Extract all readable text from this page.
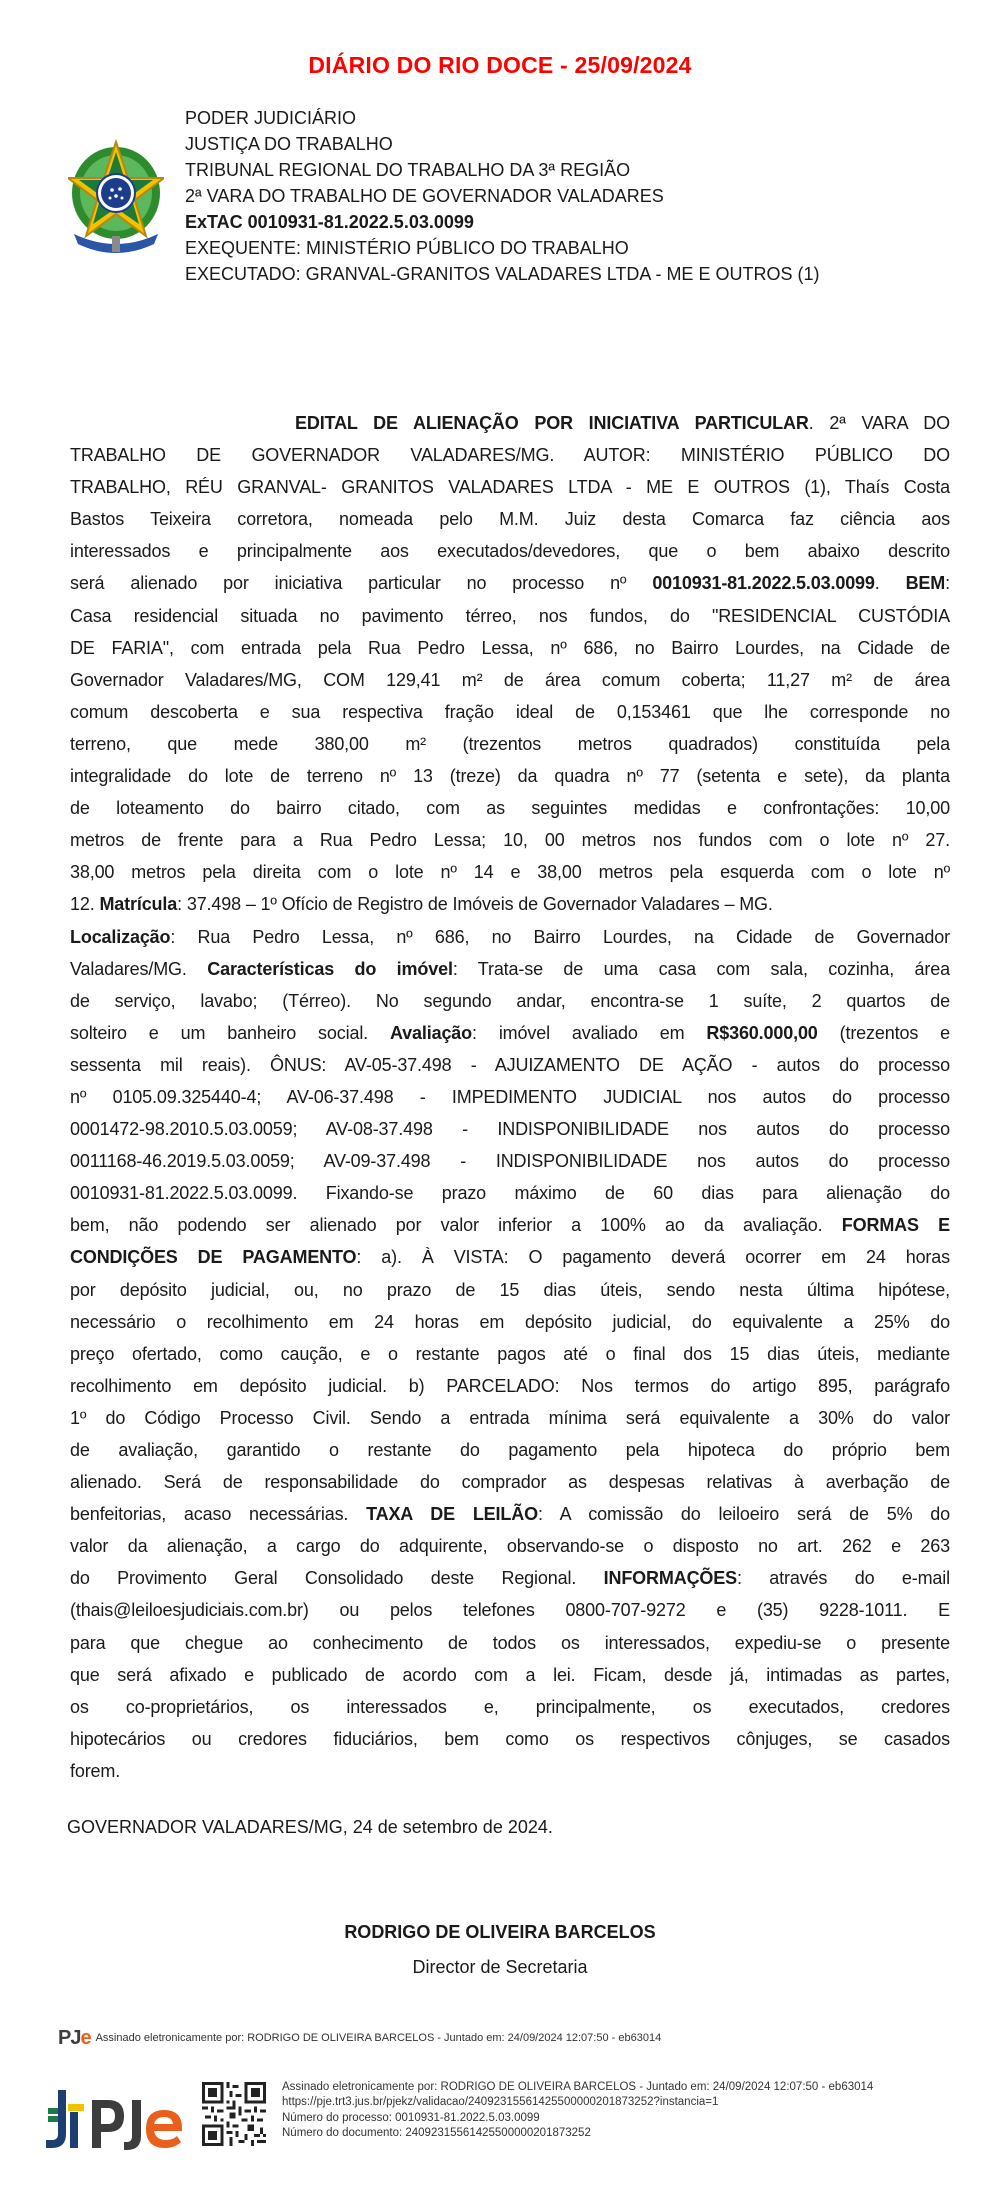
DIÁRIO DO RIO DOCE - 25/09/2024
PODER JUDICIÁRIO
JUSTIÇA DO TRABALHO
TRIBUNAL REGIONAL DO TRABALHO DA 3ª REGIÃO
2ª VARA DO TRABALHO DE GOVERNADOR VALADARES
ExTAC 0010931-81.2022.5.03.0099
EXEQUENTE: MINISTÉRIO PÚBLICO DO TRABALHO
EXECUTADO: GRANVAL-GRANITOS VALADARES LTDA - ME E OUTROS (1)
EDITAL DE ALIENAÇÃO POR INICIATIVA PARTICULAR. 2ª VARA DO
TRABALHO DE GOVERNADOR VALADARES/MG. AUTOR: MINISTÉRIO PÚBLICO DO
TRABALHO, RÉU GRANVAL- GRANITOS VALADARES LTDA - ME E OUTROS (1), Thaís Costa
Bastos Teixeira corretora, nomeada pelo M.M. Juiz desta Comarca faz ciência aos
interessados e principalmente aos executados/devedores, que o bem abaixo descrito
será alienado por iniciativa particular no processo nº 0010931-81.2022.5.03.0099. BEM:
Casa residencial situada no pavimento térreo, nos fundos, do "RESIDENCIAL CUSTÓDIA
DE FARIA", com entrada pela Rua Pedro Lessa, nº 686, no Bairro Lourdes, na Cidade de
Governador Valadares/MG, COM 129,41 m² de área comum coberta; 11,27 m² de área
comum descoberta e sua respectiva fração ideal de 0,153461 que lhe corresponde no
terreno, que mede 380,00 m² (trezentos metros quadrados) constituída pela
integralidade do lote de terreno nº 13 (treze) da quadra nº 77 (setenta e sete), da planta
de loteamento do bairro citado, com as seguintes medidas e confrontações: 10,00
metros de frente para a Rua Pedro Lessa; 10, 00 metros nos fundos com o lote nº 27.
38,00 metros pela direita com o lote nº 14 e 38,00 metros pela esquerda com o lote nº
12. Matrícula: 37.498 – 1º Ofício de Registro de Imóveis de Governador Valadares – MG.
Localização: Rua Pedro Lessa, nº 686, no Bairro Lourdes, na Cidade de Governador
Valadares/MG. Características do imóvel: Trata-se de uma casa com sala, cozinha, área
de serviço, lavabo; (Térreo). No segundo andar, encontra-se 1 suíte, 2 quartos de
solteiro e um banheiro social. Avaliação: imóvel avaliado em R$360.000,00 (trezentos e
sessenta mil reais). ÔNUS: AV-05-37.498 - AJUIZAMENTO DE AÇÃO - autos do processo
nº 0105.09.325440-4; AV-06-37.498 - IMPEDIMENTO JUDICIAL nos autos do processo
0001472-98.2010.5.03.0059; AV-08-37.498 - INDISPONIBILIDADE nos autos do processo
0011168-46.2019.5.03.0059; AV-09-37.498 - INDISPONIBILIDADE nos autos do processo
0010931-81.2022.5.03.0099. Fixando-se prazo máximo de 60 dias para alienação do
bem, não podendo ser alienado por valor inferior a 100% ao da avaliação. FORMAS E
CONDIÇÕES DE PAGAMENTO: a). À VISTA: O pagamento deverá ocorrer em 24 horas
por depósito judicial, ou, no prazo de 15 dias úteis, sendo nesta última hipótese,
necessário o recolhimento em 24 horas em depósito judicial, do equivalente a 25% do
preço ofertado, como caução, e o restante pagos até o final dos 15 dias úteis, mediante
recolhimento em depósito judicial. b) PARCELADO: Nos termos do artigo 895, parágrafo
1º do Código Processo Civil. Sendo a entrada mínima será equivalente a 30% do valor
de avaliação, garantido o restante do pagamento pela hipoteca do próprio bem
alienado. Será de responsabilidade do comprador as despesas relativas à averbação de
benfeitorias, acaso necessárias. TAXA DE LEILÃO: A comissão do leiloeiro será de 5% do
valor da alienação, a cargo do adquirente, observando-se o disposto no art. 262 e 263
do Provimento Geral Consolidado deste Regional. INFORMAÇÕES: através do e-mail
(thais@leiloesjudiciais.com.br) ou pelos telefones 0800-707-9272 e (35) 9228-1011. E
para que chegue ao conhecimento de todos os interessados, expediu-se o presente
que será afixado e publicado de acordo com a lei. Ficam, desde já, intimadas as partes,
os co-proprietários, os interessados e, principalmente, os executados, credores
hipotecários ou credores fiduciários, bem como os respectivos cônjuges, se casados
forem.
GOVERNADOR VALADARES/MG, 24 de setembro de 2024.
RODRIGO DE OLIVEIRA BARCELOS
Director de Secretaria
PJe Assinado eletronicamente por: RODRIGO DE OLIVEIRA BARCELOS - Juntado em: 24/09/2024 12:07:50 - eb63014
Assinado eletronicamente por: RODRIGO DE OLIVEIRA BARCELOS - Juntado em: 24/09/2024 12:07:50 - eb63014
https://pje.trt3.jus.br/pjekz/validacao/24092315561425500000201873252?instancia=1
Número do processo: 0010931-81.2022.5.03.0099
Número do documento: 24092315561425500000201873252
